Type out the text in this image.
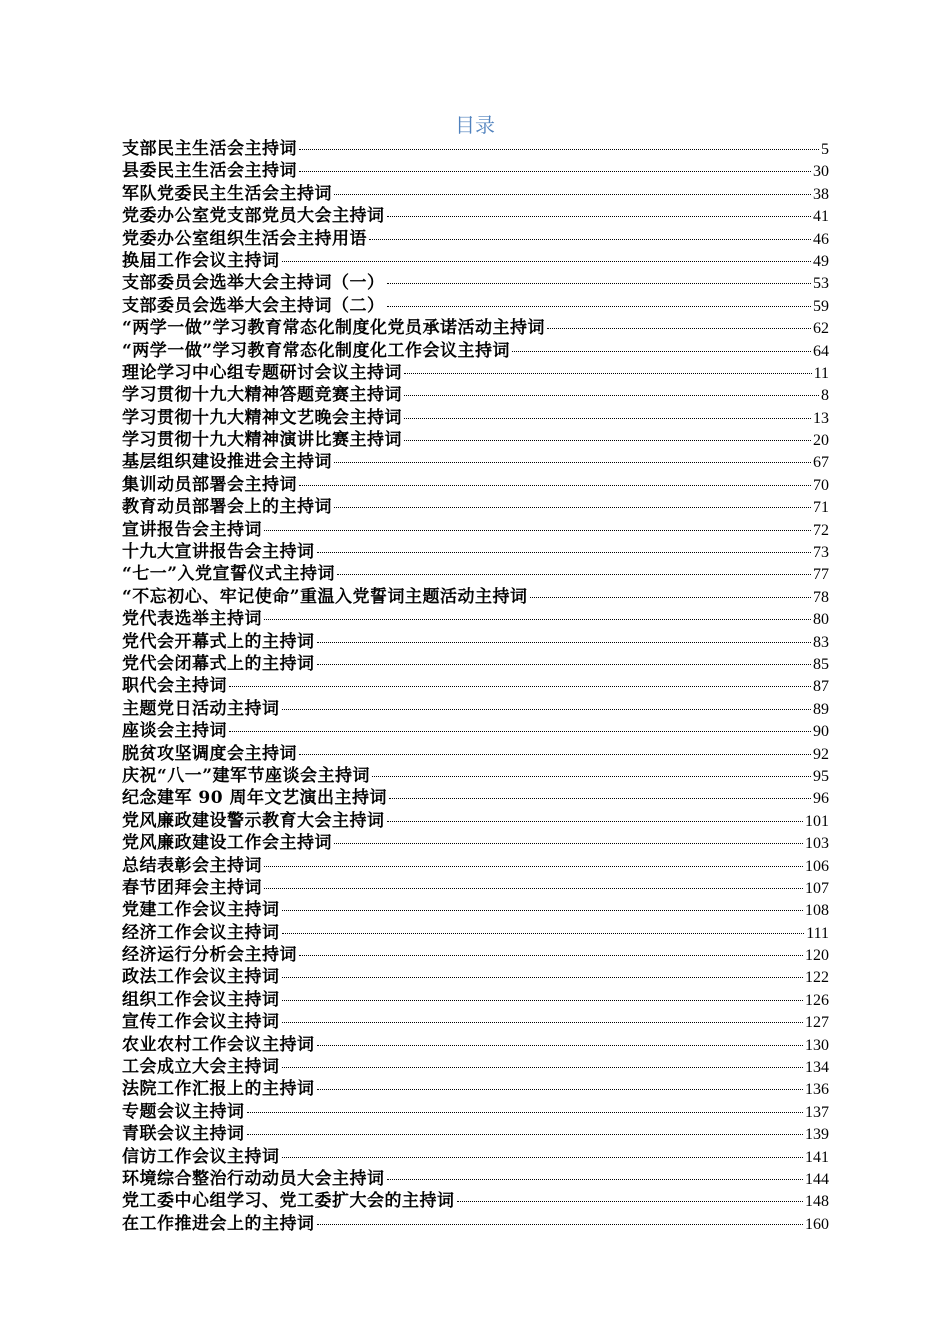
目录
支部民主生活会主持词	5
县委民主生活会主持词	30
军队党委民主生活会主持词	38
党委办公室党支部党员大会主持词	41
党委办公室组织生活会主持用语	46
换届工作会议主持词	49
支部委员会选举大会主持词（一）	53
支部委员会选举大会主持词（二）	59
“两学一做”学习教育常态化制度化党员承诺活动主持词	62
“两学一做”学习教育常态化制度化工作会议主持词	64
理论学习中心组专题研讨会议主持词	11
学习贯彻十九大精神答题竞赛主持词	8
学习贯彻十九大精神文艺晚会主持词	13
学习贯彻十九大精神演讲比赛主持词	20
基层组织建设推进会主持词	67
集训动员部署会主持词	70
教育动员部署会上的主持词	71
宣讲报告会主持词	72
十九大宣讲报告会主持词	73
“七一”入党宣誓仪式主持词	77
“不忘初心、牢记使命”重温入党誓词主题活动主持词	78
党代表选举主持词	80
党代会开幕式上的主持词	83
党代会闭幕式上的主持词	85
职代会主持词	87
主题党日活动主持词	89
座谈会主持词	90
脱贫攻坚调度会主持词	92
庆祝“八一”建军节座谈会主持词	95
纪念建军 90 周年文艺演出主持词	96
党风廉政建设警示教育大会主持词	101
党风廉政建设工作会主持词	103
总结表彰会主持词	106
春节团拜会主持词	107
党建工作会议主持词	108
经济工作会议主持词	111
经济运行分析会主持词	120
政法工作会议主持词	122
组织工作会议主持词	126
宣传工作会议主持词	127
农业农村工作会议主持词	130
工会成立大会主持词	134
法院工作汇报上的主持词	136
专题会议主持词	137
青联会议主持词	139
信访工作会议主持词	141
环境综合整治行动动员大会主持词	144
党工委中心组学习、党工委扩大会的主持词	148
在工作推进会上的主持词	160
